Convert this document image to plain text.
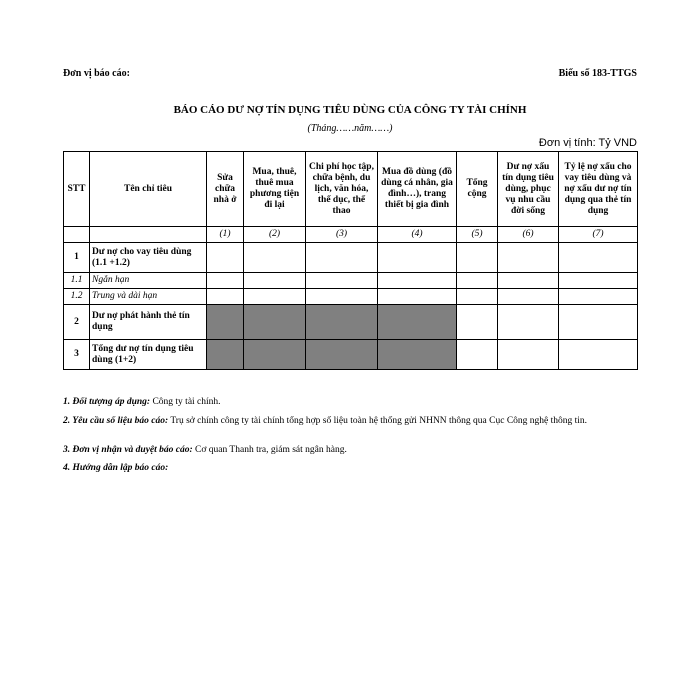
Đơn vị báo cáo:	Biểu số 183-TTGS
BÁO CÁO DƯ NỢ TÍN DỤNG TIÊU DÙNG CỦA CÔNG TY TÀI CHÍNH
(Tháng……năm……)
Đơn vị tính: Tỷ VND
STT	Tên chỉ tiêu	Sửa chữa nhà ở	Mua, thuê, thuê mua phương tiện đi lại	Chi phí học tập, chữa bệnh, du lịch, văn hóa, thể dục, thể thao	Mua đồ dùng (đồ dùng cá nhân, gia đình…), trang thiết bị gia đình	Tổng cộng	Dư nợ xấu tín dụng tiêu dùng, phục vụ nhu cầu đời sống	Tỷ lệ nợ xấu cho vay tiêu dùng và nợ xấu dư nợ tín dụng qua thẻ tín dụng
		(1)	(2)	(3)	(4)	(5)	(6)	(7)
1	Dư nợ cho vay tiêu dùng (1.1 +1.2)							
1.1	Ngắn hạn							
1.2	Trung và dài hạn							
2	Dư nợ phát hành thẻ tín dụng							
3	Tổng dư nợ tín dụng tiêu dùng (1+2)							
1. Đối tượng áp dụng: Công ty tài chính.
2. Yêu cầu số liệu báo cáo: Trụ sở chính công ty tài chính tổng hợp số liệu toàn hệ thống gửi NHNN thông qua Cục Công nghệ thông tin.
3. Đơn vị nhận và duyệt báo cáo: Cơ quan Thanh tra, giám sát ngân hàng.
4. Hướng dẫn lập báo cáo:
